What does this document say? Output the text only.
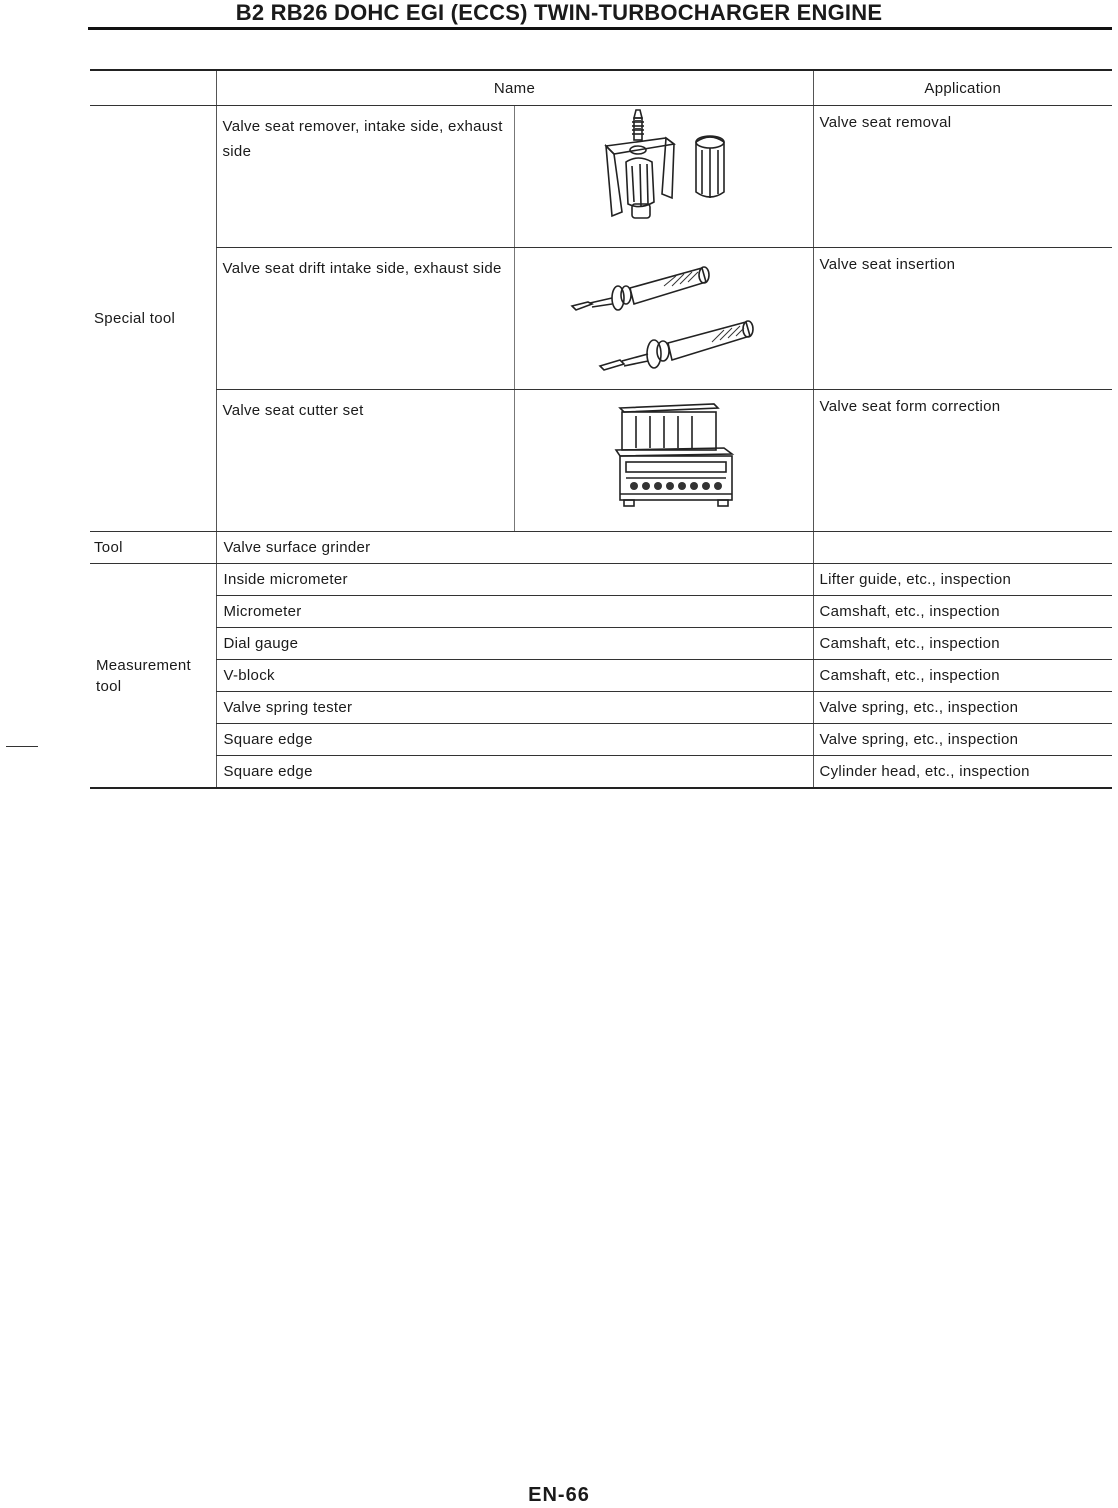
B2 RB26 DOHC EGI (ECCS) TWIN-TURBOCHARGER ENGINE

	Name		Application
Special tool	Valve seat remover, intake side, exhaust side		Valve seat removal
	Valve seat drift intake side, exhaust side		Valve seat insertion
	Valve seat cutter set		Valve seat form correction
Tool	Valve surface grinder		
Measurement tool	Inside micrometer		Lifter guide, etc., inspection
	Micrometer		Camshaft, etc., inspection
	Dial gauge		Camshaft, etc., inspection
	V-block		Camshaft, etc., inspection
	Valve spring tester		Valve spring, etc., inspection
	Square edge		Valve spring, etc., inspection
	Square edge		Cylinder head, etc., inspection
EN-66
